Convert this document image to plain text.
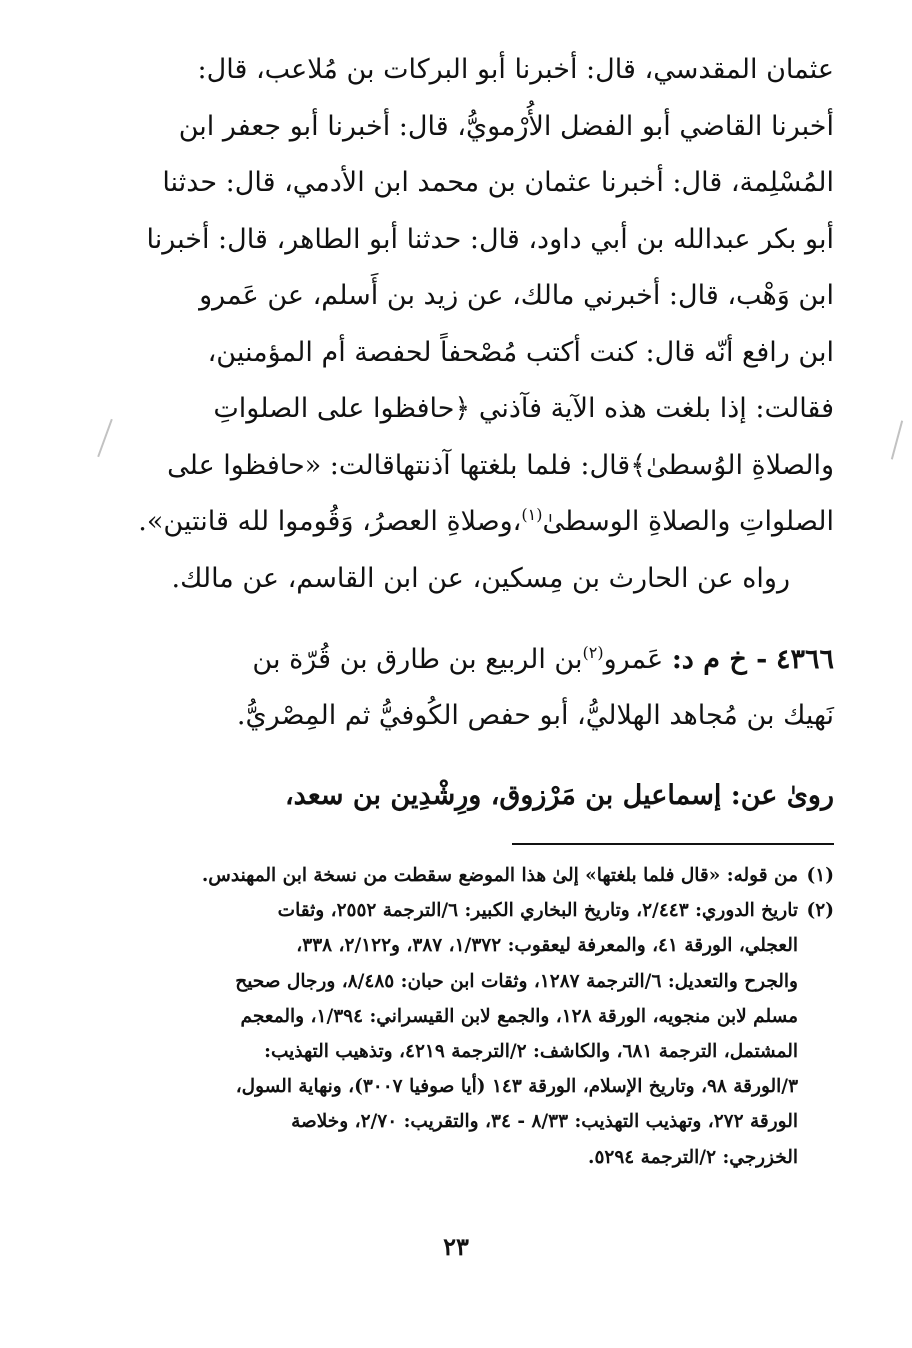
عثمان المقدسي، قال: أخبرنا أبو البركات بن مُلاعب، قال:

أخبرنا القاضي أبو الفضل الأُرْمويُّ، قال: أخبرنا أبو جعفر ابن

المُسْلِمة، قال: أخبرنا عثمان بن محمد ابن الأدمي، قال: حدثنا

أبو بكر عبدالله بن أبي داود، قال: حدثنا أبو الطاهر، قال: أخبرنا

ابن وَهْب، قال: أخبرني مالك، عن زيد بن أَسلم، عن عَمرو

ابن رافع أنّه قال: كنت أكتب مُصْحفاً لحفصة أم المؤمنين،

فقالت: إذا بلغت هذه الآية فآذني ﴿حافظوا على الصلواتِ

والصلاةِ الوُسطىٰ﴾قال: فلما بلغتها آذنتهاقالت: «حافظوا على

الصلواتِ والصلاةِ الوسطىٰ$^{(١)}$،وصلاةِ العصرُ، وَقُوموا لله قانتين».

رواه عن الحارث بن مِسكين، عن ابن القاسم، عن مالك.

٤٣٦٦ - خ م د: عَمرو$^{(٢)}$بن الربيع بن طارق بن قُرّة بن

نَهيك بن مُجاهد الهلاليُّ، أبو حفص الكُوفيُّ ثم المِصْريُّ.

روىٰ عن: إسماعيل بن مَرْزوق، ورِشْدِين بن سعد،
(١)
من قوله: «قال فلما بلغتها» إلىٰ هذا الموضع سقطت من نسخة ابن المهندس.
(٢)
تاريخ الدوري: ٢/٤٤٣، وتاريخ البخاري الكبير: ٦/الترجمة ٢٥٥٢، وثقات
العجلي، الورقة ٤١، والمعرفة ليعقوب: ١/٣٧٢، ٣٨٧، و٢/١٢٢، ٣٣٨،
والجرح والتعديل: ٦/الترجمة ١٢٨٧، وثقات ابن حبان: ٨/٤٨٥، ورجال صحيح
مسلم لابن منجويه، الورقة ١٢٨، والجمع لابن القيسراني: ١/٣٩٤، والمعجم
المشتمل، الترجمة ٦٨١، والكاشف: ٢/الترجمة ٤٢١٩، وتذهيب التهذيب:
٣/الورقة ٩٨، وتاريخ الإسلام، الورقة ١٤٣ (أيا صوفيا ٣٠٠٧)، ونهاية السول،
الورقة ٢٧٢، وتهذيب التهذيب: ٨/٣٣ - ٣٤، والتقريب: ٢/٧٠، وخلاصة
الخزرجي: ٢/الترجمة ٥٢٩٤.
٢٣
